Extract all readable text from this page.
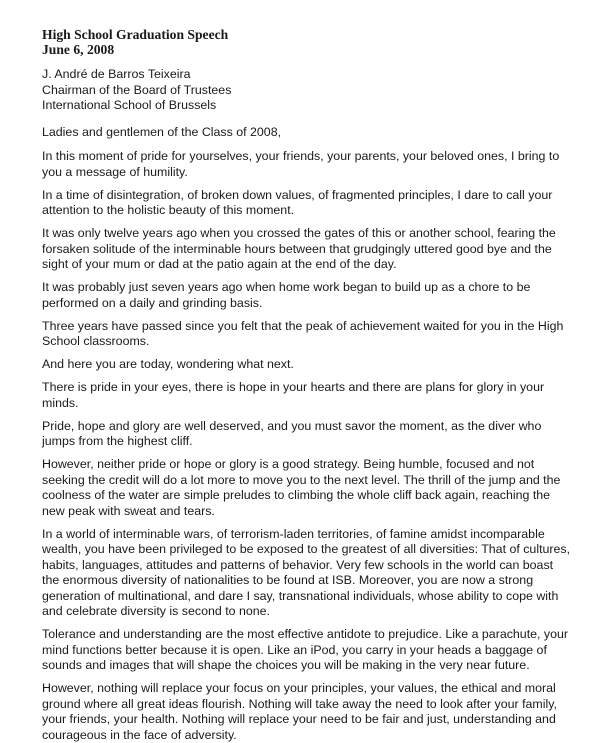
High School Graduation Speech

June 6, 2008

J. André de Barros Teixeira
Chairman of the Board of Trustees
International School of Brussels

Ladies and gentlemen of the Class of 2008,

In this moment of pride for yourselves, your friends, your parents, your beloved ones, I bring to you a message of humility.

In a time of disintegration, of broken down values, of fragmented principles, I dare to call your attention to the holistic beauty of this moment.

It was only twelve years ago when you crossed the gates of this or another school, fearing the forsaken solitude of the interminable hours between that grudgingly uttered good bye and the sight of your mum or dad at the patio again at the end of the day.

It was probably just seven years ago when home work began to build up as a chore to be performed on a daily and grinding basis.

Three years have passed since you felt that the peak of achievement waited for you in the High School classrooms.

And here you are today, wondering what next.

There is pride in your eyes, there is hope in your hearts and there are plans for glory in your minds.

Pride, hope and glory are well deserved, and you must savor the moment, as the diver who jumps from the highest cliff.

However, neither pride or hope or glory is a good strategy. Being humble, focused and not seeking the credit will do a lot more to move you to the next level. The thrill of the jump and the coolness of the water are simple preludes to climbing the whole cliff back again, reaching the new peak with sweat and tears.

In a world of interminable wars, of terrorism-laden territories, of famine amidst incomparable wealth, you have been privileged to be exposed to the greatest of all diversities: That of cultures, habits, languages, attitudes and patterns of behavior. Very few schools in the world can boast the enormous diversity of nationalities to be found at ISB. Moreover, you are now a strong generation of multinational, and dare I say, transnational individuals, whose ability to cope with and celebrate diversity is second to none.

Tolerance and understanding are the most effective antidote to prejudice. Like a parachute, your mind functions better because it is open. Like an iPod, you carry in your heads a baggage of sounds and images that will shape the choices you will be making in the very near future.

However, nothing will replace your focus on your principles, your values, the ethical and moral ground where all great ideas flourish. Nothing will take away the need to look after your family, your friends, your health. Nothing will replace your need to be fair and just, understanding and courageous in the face of adversity.
